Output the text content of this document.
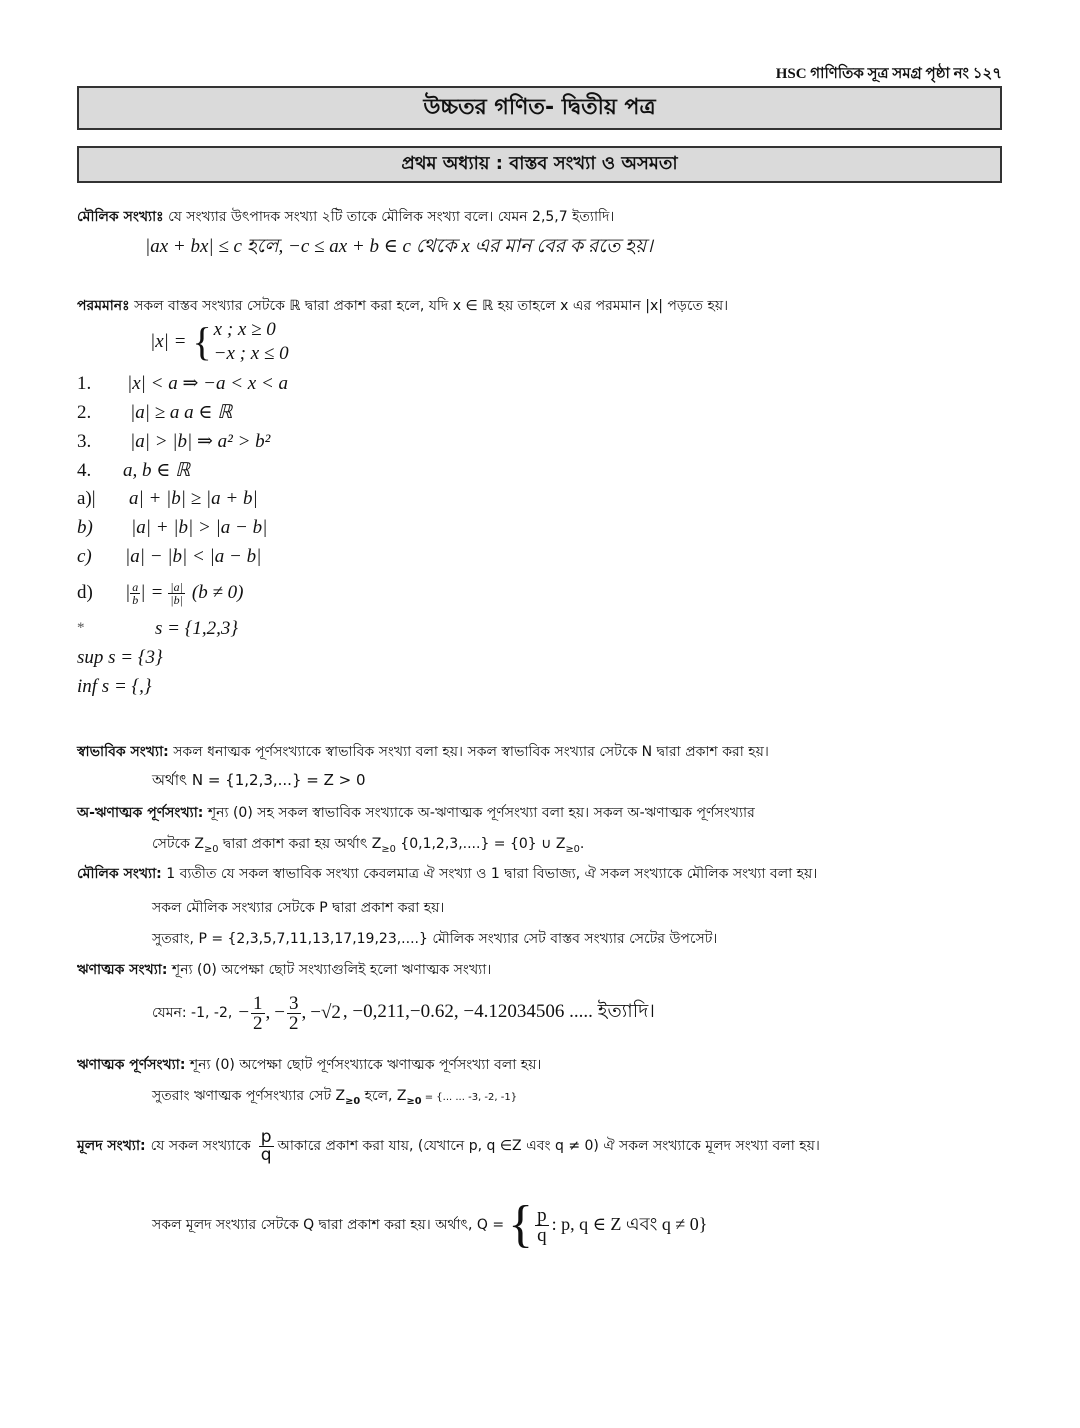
HSC গাণিতিক সূত্র সমগ্র পৃষ্ঠা নং ১২৭
উচ্চতর গণিত- দ্বিতীয় পত্র
প্রথম অধ্যায় : বাস্তব সংখ্যা ও অসমতা
মৌলিক সংখ্যাঃ যে সংখ্যার উৎপাদক সংখ্যা ২টি তাকে মৌলিক সংখ্যা বলে। যেমন 2,5,7 ইত্যাদি।
|ax + bx| ≤ c হলে, −c ≤ ax + b ∈ c থেকে x এর মান বের ক রতে হয়।
পরমমানঃ সকল বাস্তব সংখ্যার সেটকে ℝ দ্বারা প্রকাশ করা হলে, যদি x ∈ ℝ হয় তাহলে x এর পরমমান |x| পড়তে হয়।
|x| = { x ; x ≥ 0
−x ; x ≤ 0
1. |x| < a ⇒ −a < x < a
2. |a| ≥ a a ∈ ℝ
3. |a| > |b| ⇒ a² > b²
4. a, b ∈ ℝ
a)| a| + |b| ≥ |a + b|
b) |a| + |b| > |a − b|
c) |a| − |b| < |a − b|
d)	| $\frac{a}{b}$ | = $\frac{|a|}{|b|} (b \ne 0)$
*	s = {1,2,3}
sup s = {3}
inf s = {,}
স্বাভাবিক সংখ্যা: সকল ধনাত্মক পূর্ণসংখ্যাকে স্বাভাবিক সংখ্যা বলা হয়। সকল স্বাভাবিক সংখ্যার সেটকে N দ্বারা প্রকাশ করা হয়।
অর্থাৎ N = {1,2,3,...} = Z > 0
অ-ঋণাত্মক পূর্ণসংখ্যা: শূন্য (0) সহ সকল স্বাভাবিক সংখ্যাকে অ-ঋণাত্মক পূর্ণসংখ্যা বলা হয়। সকল অ-ঋণাত্মক পূর্ণসংখ্যার
সেটকে $Z_{\ge 0}$ দ্বারা প্রকাশ করা হয় অর্থাৎ $Z_{\ge 0}$ {0,1,2,3,....} = {0} ∪ $Z_{\ge 0}$.
মৌলিক সংখ্যা: 1 ব্যতীত যে সকল স্বাভাবিক সংখ্যা কেবলমাত্র ঐ সংখ্যা ও 1 দ্বারা বিভাজ্য, ঐ সকল সংখ্যাকে মৌলিক সংখ্যা বলা হয়।
সকল মৌলিক সংখ্যার সেটকে P দ্বারা প্রকাশ করা হয়।
সুতরাং, P = {2,3,5,7,11,13,17,19,23,....} মৌলিক সংখ্যার সেট বাস্তব সংখ্যার সেটের উপসেট।
ঋণাত্মক সংখ্যা: শূন্য (0) অপেক্ষা ছোট সংখ্যাগুলিই হলো ঋণাত্মক সংখ্যা।
যেমন: -1, -2, − $\frac{1}{2}$ , − $\frac{3}{2}$ , −√2 , −0,211,−0.62, −4.12034506 ..... ইত্যাদি।
ঋণাত্মক পূর্ণসংখ্যা: শূন্য (0) অপেক্ষা ছোট পূর্ণসংখ্যাকে ঋণাত্মক পূর্ণসংখ্যা বলা হয়।
সুতরাং ঋণাত্মক পূর্ণসংখ্যার সেট $Z_{\ge 0}$ হলে, $Z_{\ge 0}$ = {... ... -3, -2, -1}
মূলদ সংখ্যা: যে সকল সংখ্যাকে $\frac{p}{q}$ আকারে প্রকাশ করা যায়, (যেখানে p, q ∈Z এবং q ≠ 0) ঐ সকল সংখ্যাকে মূলদ সংখ্যা বলা হয়।
সকল মূলদ সংখ্যার সেটকে Q দ্বারা প্রকাশ করা হয়। অর্থাৎ, Q = { $\frac{p}{q}$ : p, q ∈ Z এবং q ≠ 0}
